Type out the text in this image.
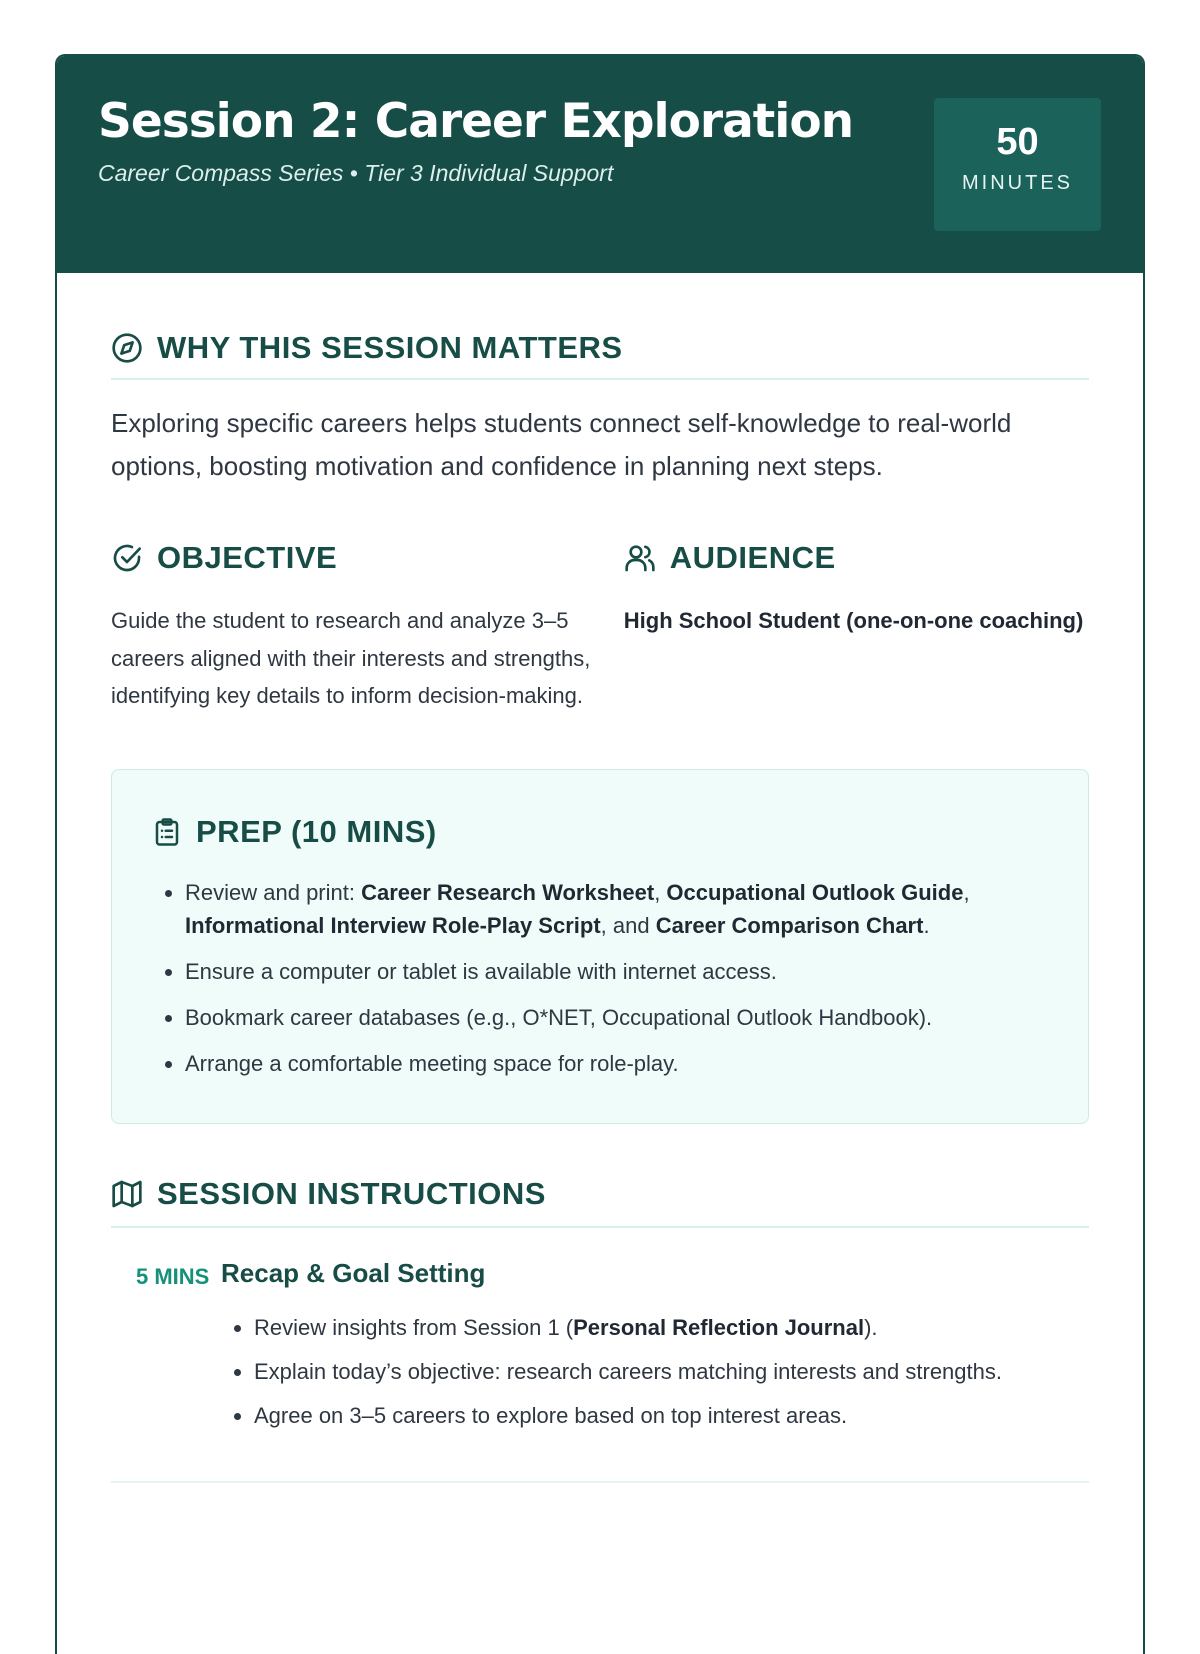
Session 2: Career Exploration
Career Compass Series • Tier 3 Individual Support
50
MINUTES
WHY THIS SESSION MATTERS
Exploring specific careers helps students connect self-knowledge to real-world options, boosting motivation and confidence in planning next steps.
OBJECTIVE
Guide the student to research and analyze 3–5 careers aligned with their interests and strengths, identifying key details to inform decision-making.
AUDIENCE
High School Student (one-on-one coaching)
PREP (10 MINS)
• Review and print: Career Research Worksheet, Occupational Outlook Guide, Informational Interview Role-Play Script, and Career Comparison Chart.
• Ensure a computer or tablet is available with internet access.
• Bookmark career databases (e.g., O*NET, Occupational Outlook Handbook).
• Arrange a comfortable meeting space for role-play.
SESSION INSTRUCTIONS
5 MINS Recap & Goal Setting
• Review insights from Session 1 (Personal Reflection Journal).
• Explain today’s objective: research careers matching interests and strengths.
• Agree on 3–5 careers to explore based on top interest areas.
